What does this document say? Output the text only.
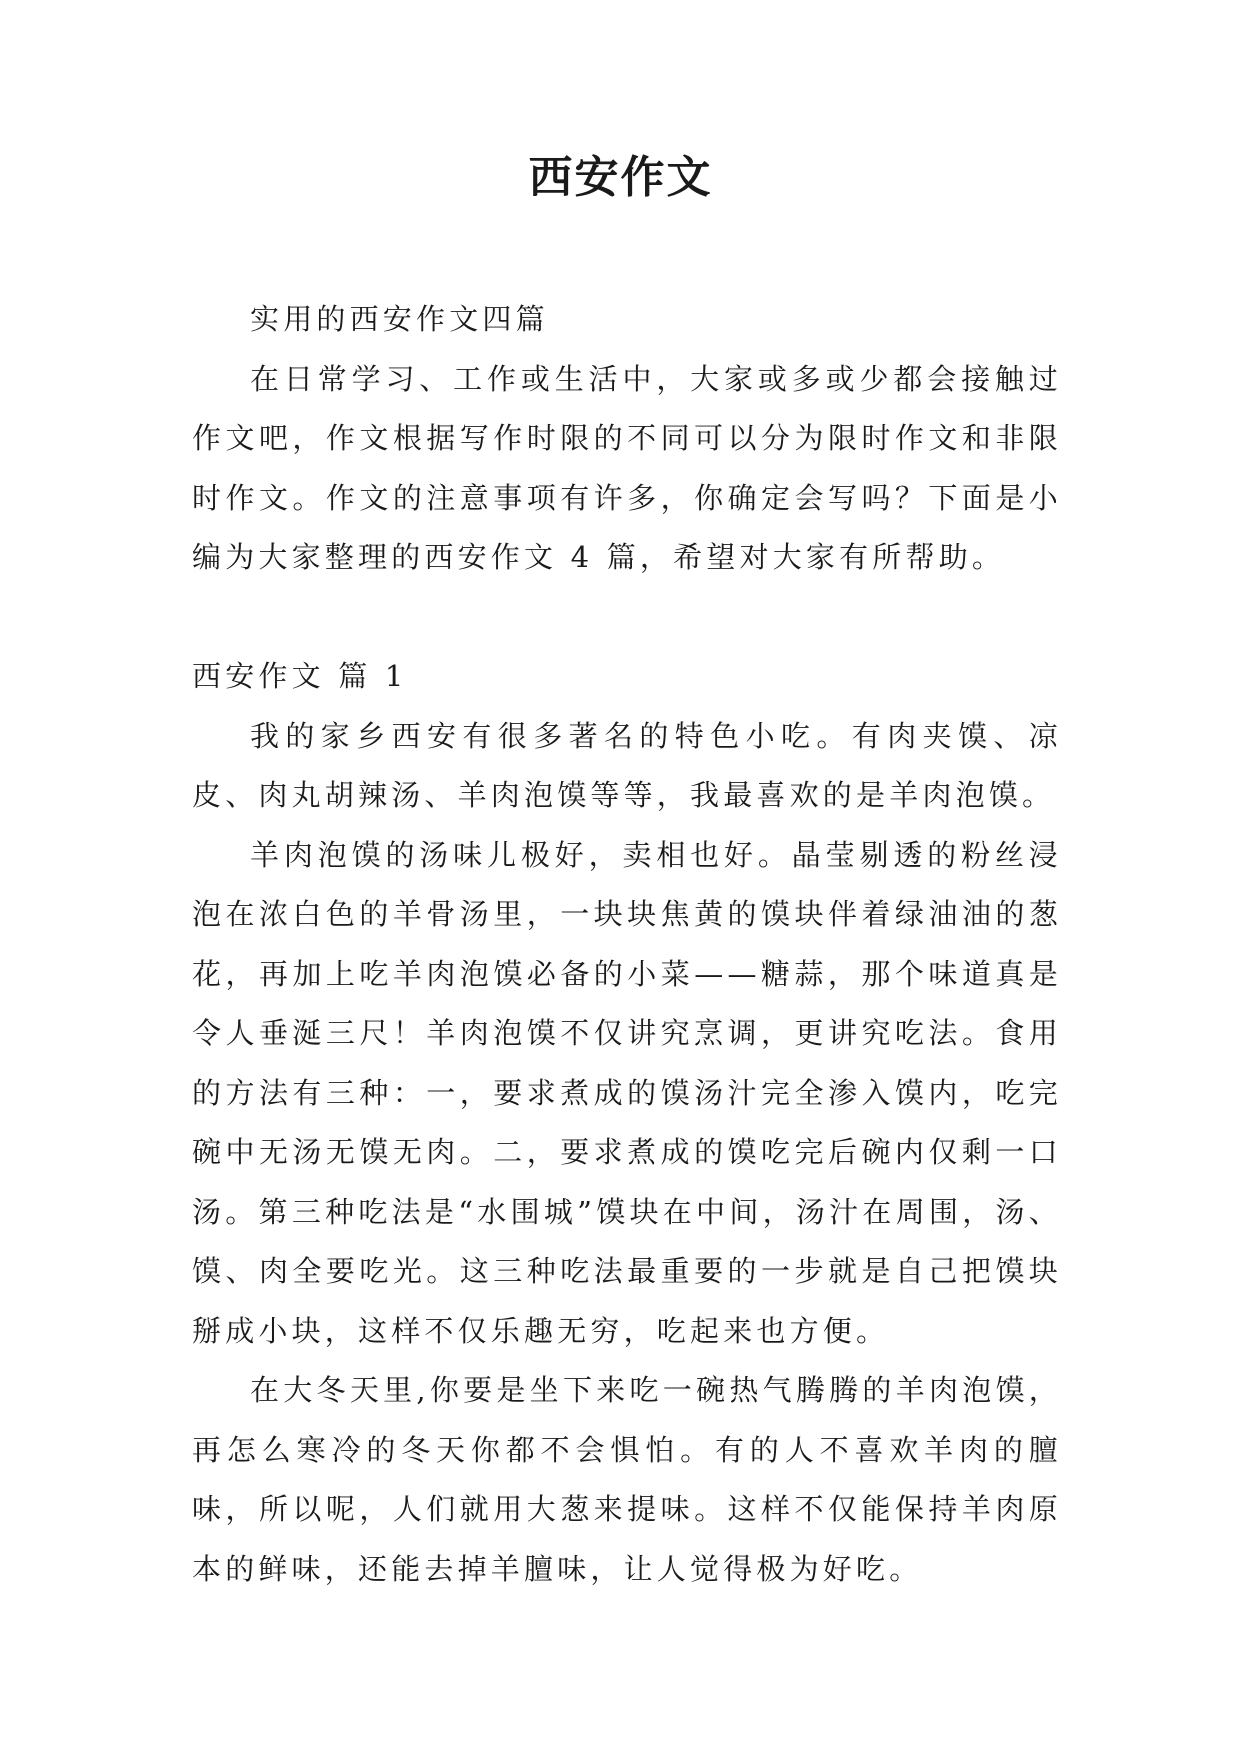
西安作文

实用的西安作文四篇

在日常学习、工作或生活中，大家或多或少都会接触过作文吧，作文根据写作时限的不同可以分为限时作文和非限时作文。作文的注意事项有许多，你确定会写吗？下面是小编为大家整理的西安作文 4 篇，希望对大家有所帮助。

西安作文 篇 1

我的家乡西安有很多著名的特色小吃。有肉夹馍、凉皮、肉丸胡辣汤、羊肉泡馍等等，我最喜欢的是羊肉泡馍。

羊肉泡馍的汤味儿极好，卖相也好。晶莹剔透的粉丝浸泡在浓白色的羊骨汤里，一块块焦黄的馍块伴着绿油油的葱花，再加上吃羊肉泡馍必备的小菜——糖蒜，那个味道真是令人垂涎三尺！羊肉泡馍不仅讲究烹调，更讲究吃法。食用的方法有三种：一，要求煮成的馍汤汁完全渗入馍内，吃完碗中无汤无馍无肉。二，要求煮成的馍吃完后碗内仅剩一口汤。第三种吃法是“水围城”馍块在中间，汤汁在周围，汤、馍、肉全要吃光。这三种吃法最重要的一步就是自己把馍块掰成小块，这样不仅乐趣无穷，吃起来也方便。

在大冬天里,你要是坐下来吃一碗热气腾腾的羊肉泡馍，再怎么寒冷的冬天你都不会惧怕。有的人不喜欢羊肉的膻味，所以呢，人们就用大葱来提味。这样不仅能保持羊肉原本的鲜味，还能去掉羊膻味，让人觉得极为好吃。
